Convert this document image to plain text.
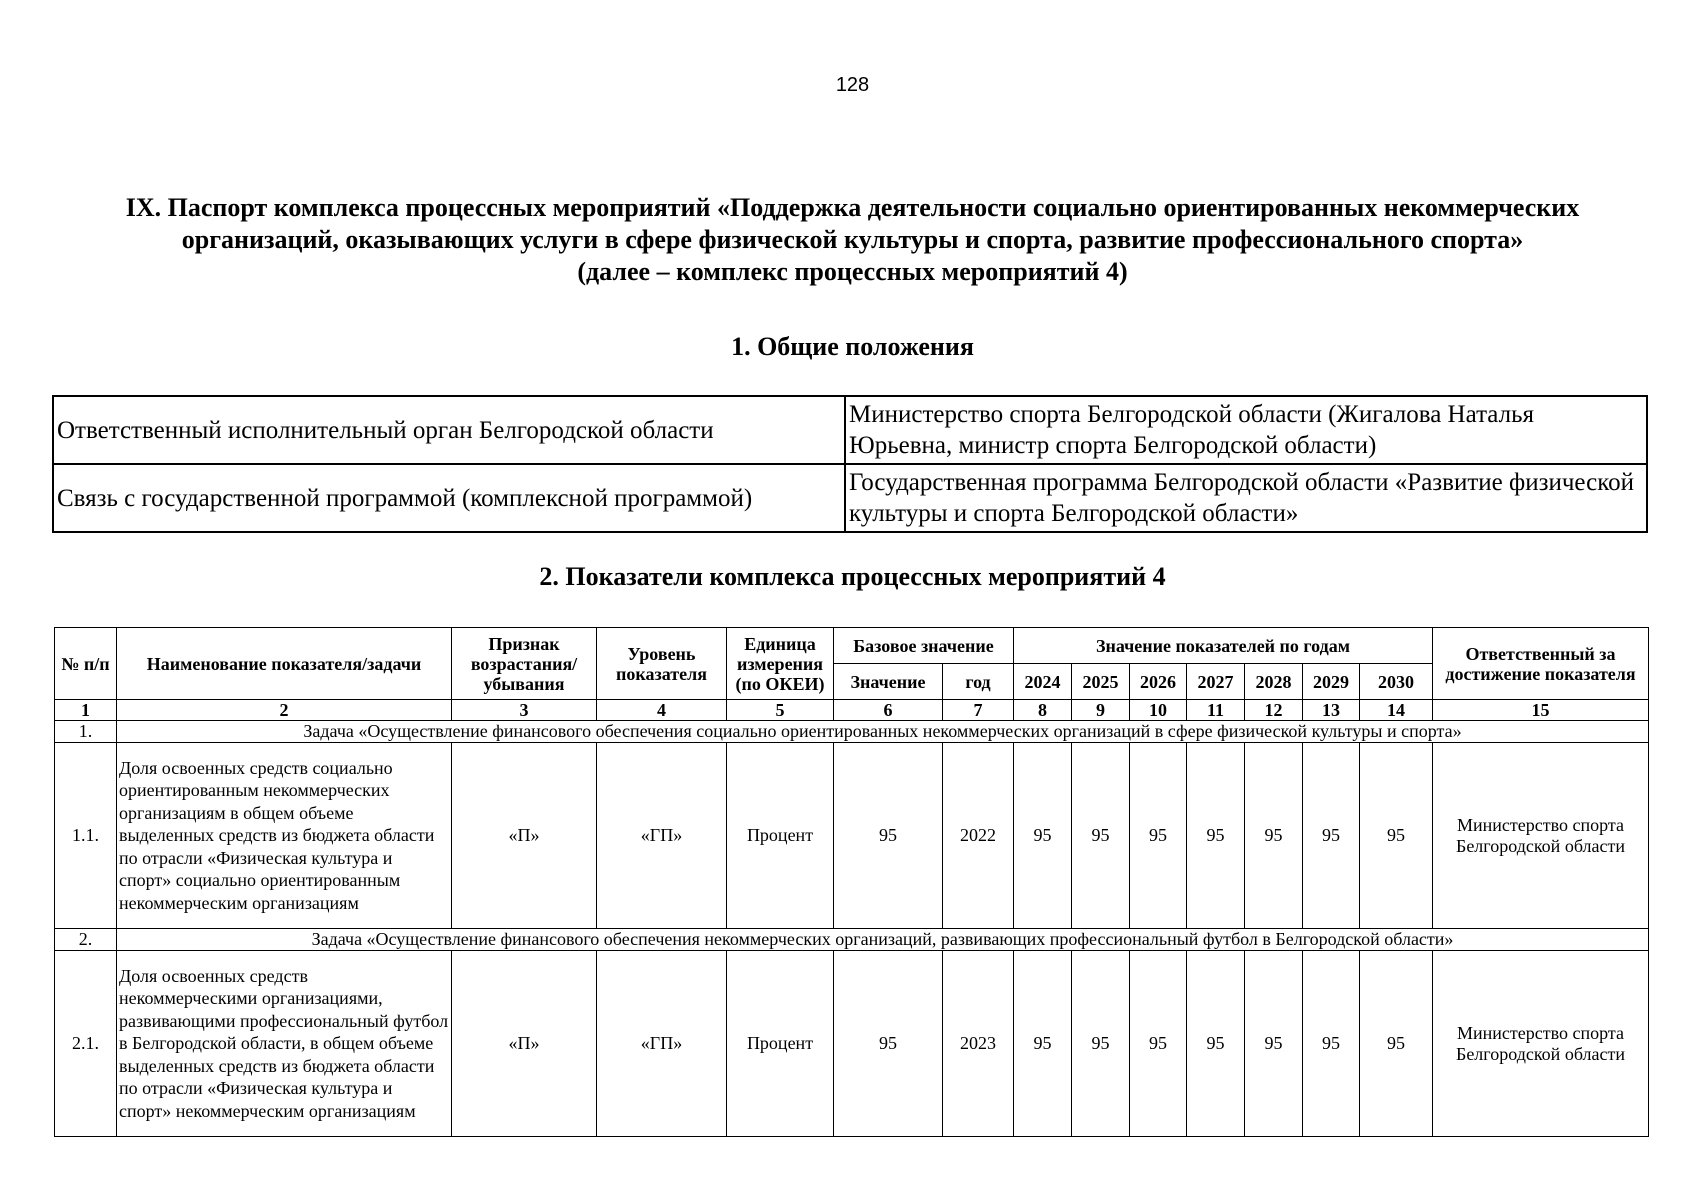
128
IX. Паспорт комплекса процессных мероприятий «Поддержка деятельности социально ориентированных некоммерческих
организаций, оказывающих услуги в сфере физической культуры и спорта, развитие профессионального спорта»
(далее – комплекс процессных мероприятий 4)
1. Общие положения
Ответственный исполнительный орган Белгородской области	Министерство спорта Белгородской области (Жигалова Наталья Юрьевна, министр спорта Белгородской области)
Связь с государственной программой (комплексной программой)	Государственная программа Белгородской области «Развитие физической культуры и спорта Белгородской области»
2. Показатели комплекса процессных мероприятий 4
№ п/п	Наименование показателя/задачи	Признак возрастания/ убывания	Уровень показателя	Единица измерения (по ОКЕИ)	Базовое значение		Значение показателей по годам							Ответственный за достижение показателя
					Значение	год	2024	2025	2026	2027	2028	2029	2030	
1	2	3	4	5	6	7	8	9	10	11	12	13	14	15
1.	Задача «Осуществление финансового обеспечения социально ориентированных некоммерческих организаций в сфере физической культуры и спорта»													
1.1.	Доля освоенных средств социально ориентированным некоммерческих организациям в общем объеме выделенных средств из бюджета области по отрасли «Физическая культура и спорт» социально ориентированным некоммерческим организациям	«П»	«ГП»	Процент	95	2022	95	95	95	95	95	95	95	Министерство спорта Белгородской области
2.	Задача «Осуществление финансового обеспечения некоммерческих организаций, развивающих профессиональный футбол в Белгородской области»													
2.1.	Доля освоенных средств некоммерческими организациями, развивающими профессиональный футбол в Белгородской области, в общем объеме выделенных средств из бюджета области по отрасли «Физическая культура и спорт» некоммерческим организациям	«П»	«ГП»	Процент	95	2023	95	95	95	95	95	95	95	Министерство спорта Белгородской области
